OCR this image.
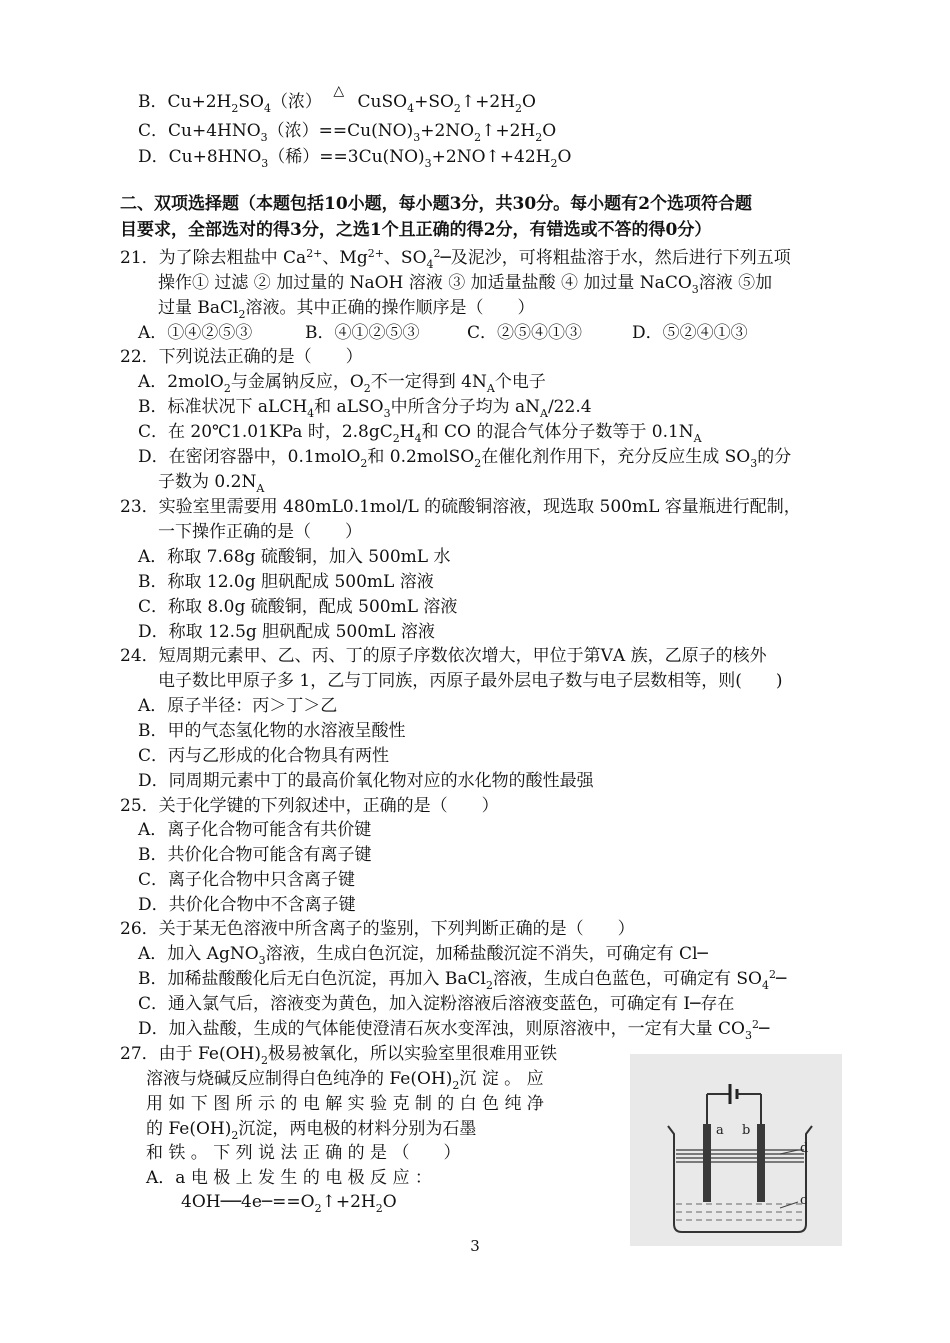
B．$Cu+2H_2SO_4$（浓） △ $CuSO_4+SO_2↑+2H_2O$
C．$Cu+4HNO_3$（浓）$==Cu(NO)_3+2NO_2↑+2H_2O$
D．$Cu+8HNO_3$（稀）$==3Cu(NO)_3+2NO↑+42H_2O$
二、双项选择题（本题包括10小题，每小题3分，共30分。每小题有2个选项符合题
目要求，全部选对的得3分，之选1个且正确的得2分，有错选或不答的得0分）
21．为了除去粗盐中 $Ca^{2+}$、$Mg^{2+}$、$SO_4^2─$及泥沙，可将粗盐溶于水，然后进行下列五项
操作① 过滤 ② 加过量的 NaOH 溶液 ③ 加适量盐酸 ④ 加过量 NaCO$_3$溶液 ⑤加
过量 BaCl$_2$溶液。其中正确的操作顺序是（　　）
A．①④②⑤③	B．④①②⑤③	C．②⑤④①③	D．⑤②④①③
22．下列说法正确的是（　　）
A．2molO$_2$与金属钠反应，$O_2$不一定得到 $4N_A$个电子
B．标准状况下 aLCH$_4$和 aLSO$_3$中所含分子均为 $aN_A/22.4$
C．在 20℃1.01KPa 时，$2.8gC_2H_4$和 CO 的混合气体分子数等于 $0.1N_A$
D．在密闭容器中，0.1molO$_2$和 0.2molSO$_2$在催化剂作用下，充分反应生成 $SO_3$的分
子数为 $0.2N_A$
23．实验室里需要用 480mL0.1mol/L 的硫酸铜溶液，现选取 500mL 容量瓶进行配制，
一下操作正确的是（　　）
A．称取 7.68g 硫酸铜，加入 500mL 水
B．称取 12.0g 胆矾配成 500mL 溶液
C．称取 8.0g 硫酸铜，配成 500mL 溶液
D．称取 12.5g 胆矾配成 500mL 溶液
24．短周期元素甲、乙、丙、丁的原子序数依次增大，甲位于第ⅤA 族，乙原子的核外
电子数比甲原子多 1，乙与丁同族，丙原子最外层电子数与电子层数相等，则(　　)
A．原子半径：丙＞丁＞乙
B．甲的气态氢化物的水溶液呈酸性
C．丙与乙形成的化合物具有两性
D．同周期元素中丁的最高价氧化物对应的水化物的酸性最强
25．关于化学键的下列叙述中，正确的是（　　）
A．离子化合物可能含有共价键
B．共价化合物可能含有离子键
C．离子化合物中只含离子键
D．共价化合物中不含离子键
26．关于某无色溶液中所含离子的鉴别，下列判断正确的是（　　）
A．加入 AgNO$_3$溶液，生成白色沉淀，加稀盐酸沉淀不消失，可确定有 Cl─
B．加稀盐酸酸化后无白色沉淀，再加入 BaCl$_2$溶液，生成白色蓝色，可确定有 $SO_4^2─$
C．通入氯气后，溶液变为黄色，加入淀粉溶液后溶液变蓝色，可确定有 I─存在
D．加入盐酸，生成的气体能使澄清石灰水变浑浊，则原溶液中，一定有大量 $CO_3^2─$
27．由于 $Fe(OH)_2$极易被氧化，所以实验室里很难用亚铁
溶液与烧碱反应制得白色纯净的 $Fe(OH)_2$沉 淀 。 应
用 如 下 图 所 示 的 电 解 实 验 克 制 的 白 色 纯 净
的 $Fe(OH)_2$沉淀，两电极的材料分别为石墨
和 铁 。 下 列 说 法 正 确 的 是 （　　）
A．a 电 极 上 发 生 的 电 极 反 应 ：
$4OH──4e─==O_2↑+2H_2O$
a b
d
c
3
